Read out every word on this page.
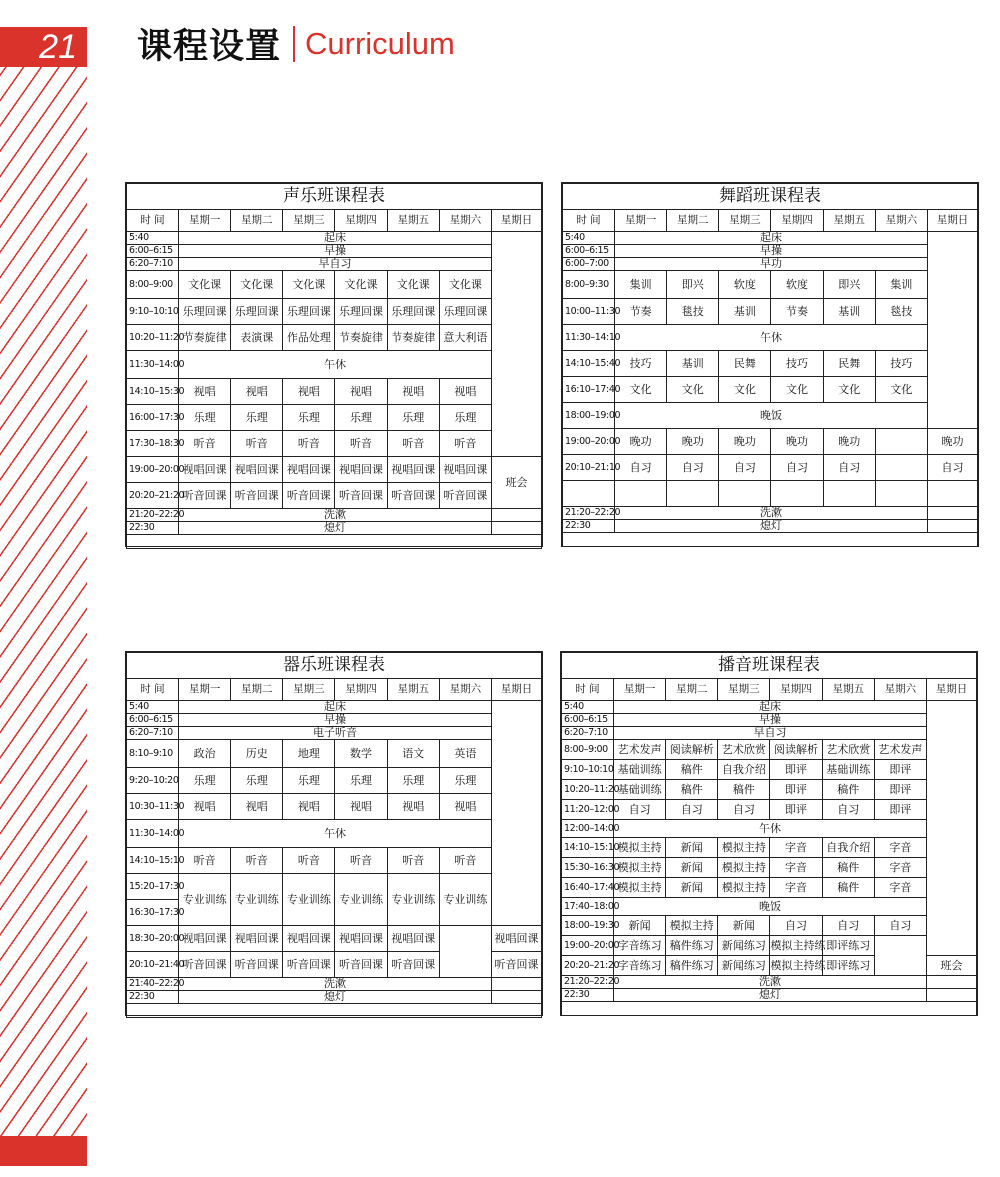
21 课程设置 Curriculum
声乐班课程表							
时 间	星期一	星期二	星期三	星期四	星期五	星期六	星期日
5:40	起床						
6:00–6:15	早操						
6:20–7:10	早自习						
8:00–9:00	文化课	文化课	文化课	文化课	文化课	文化课	
9:10–10:10	乐理回课	乐理回课	乐理回课	乐理回课	乐理回课	乐理回课	
10:20–11:20	节奏旋律	表演课	作品处理	节奏旋律	节奏旋律	意大利语	
11:30–14:00	午休						
14:10–15:30	视唱	视唱	视唱	视唱	视唱	视唱	
16:00–17:30	乐理	乐理	乐理	乐理	乐理	乐理	
17:30–18:30	听音	听音	听音	听音	听音	听音	
19:00–20:00	视唱回课	视唱回课	视唱回课	视唱回课	视唱回课	视唱回课	班会
20:20–21:20	听音回课	听音回课	听音回课	听音回课	听音回课	听音回课	
21:20–22:20	洗漱						
22:30	熄灯						

舞蹈班课程表							
时 间	星期一	星期二	星期三	星期四	星期五	星期六	星期日
5:40	起床						
6:00–6:15	早操						
6:00–7:00	早功						
8:00–9:30	集训	即兴	软度	软度	即兴	集训	
10:00–11:30	节奏	毯技	基训	节奏	基训	毯技	
11:30–14:10	午休						
14:10–15:40	技巧	基训	民舞	技巧	民舞	技巧	
16:10–17:40	文化	文化	文化	文化	文化	文化	
18:00–19:00	晚饭						
19:00–20:00	晚功	晚功	晚功	晚功	晚功		晚功
20:10–21:10	自习	自习	自习	自习	自习		自习

21:20–22:20	洗漱						
22:30	熄灯						

器乐班课程表							
时 间	星期一	星期二	星期三	星期四	星期五	星期六	星期日
5:40	起床						
6:00–6:15	早操						
6:20–7:10	电子听音						
8:10–9:10	政治	历史	地理	数学	语文	英语	
9:20–10:20	乐理	乐理	乐理	乐理	乐理	乐理	
10:30–11:30	视唱	视唱	视唱	视唱	视唱	视唱	
11:30–14:00	午休						
14:10–15:10	听音	听音	听音	听音	听音	听音	
15:20–17:30	专业训练	专业训练	专业训练	专业训练	专业训练	专业训练	
16:30–17:30							
18:30–20:00	视唱回课	视唱回课	视唱回课	视唱回课	视唱回课		视唱回课
20:10–21:40	听音回课	听音回课	听音回课	听音回课	听音回课		听音回课
21:40–22:20	洗漱						
22:30	熄灯						

播音班课程表							
时 间	星期一	星期二	星期三	星期四	星期五	星期六	星期日
5:40	起床						
6:00–6:15	早操						
6:20–7:10	早自习						
8:00–9:00	艺术发声	阅读解析	艺术欣赏	阅读解析	艺术欣赏	艺术发声	
9:10–10:10	基础训练	稿件	自我介绍	即评	基础训练	即评	
10:20–11:20	基础训练	稿件	稿件	即评	稿件	即评	
11:20–12:00	自习	自习	自习	即评	自习	即评	
12:00–14:00	午休						
14:10–15:10	模拟主持	新闻	模拟主持	字音	自我介绍	字音	
15:30–16:30	模拟主持	新闻	模拟主持	字音	稿件	字音	
16:40–17:40	模拟主持	新闻	模拟主持	字音	稿件	字音	
17:40–18:00	晚饭						
18:00–19:30	新闻	模拟主持	新闻	自习	自习	自习	
19:00–20:00	字音练习	稿件练习	新闻练习	模拟主持练	即评练习		
20:20–21:20	字音练习	稿件练习	新闻练习	模拟主持练	即评练习		班会
21:20–22:20	洗漱						
22:30	熄灯						
